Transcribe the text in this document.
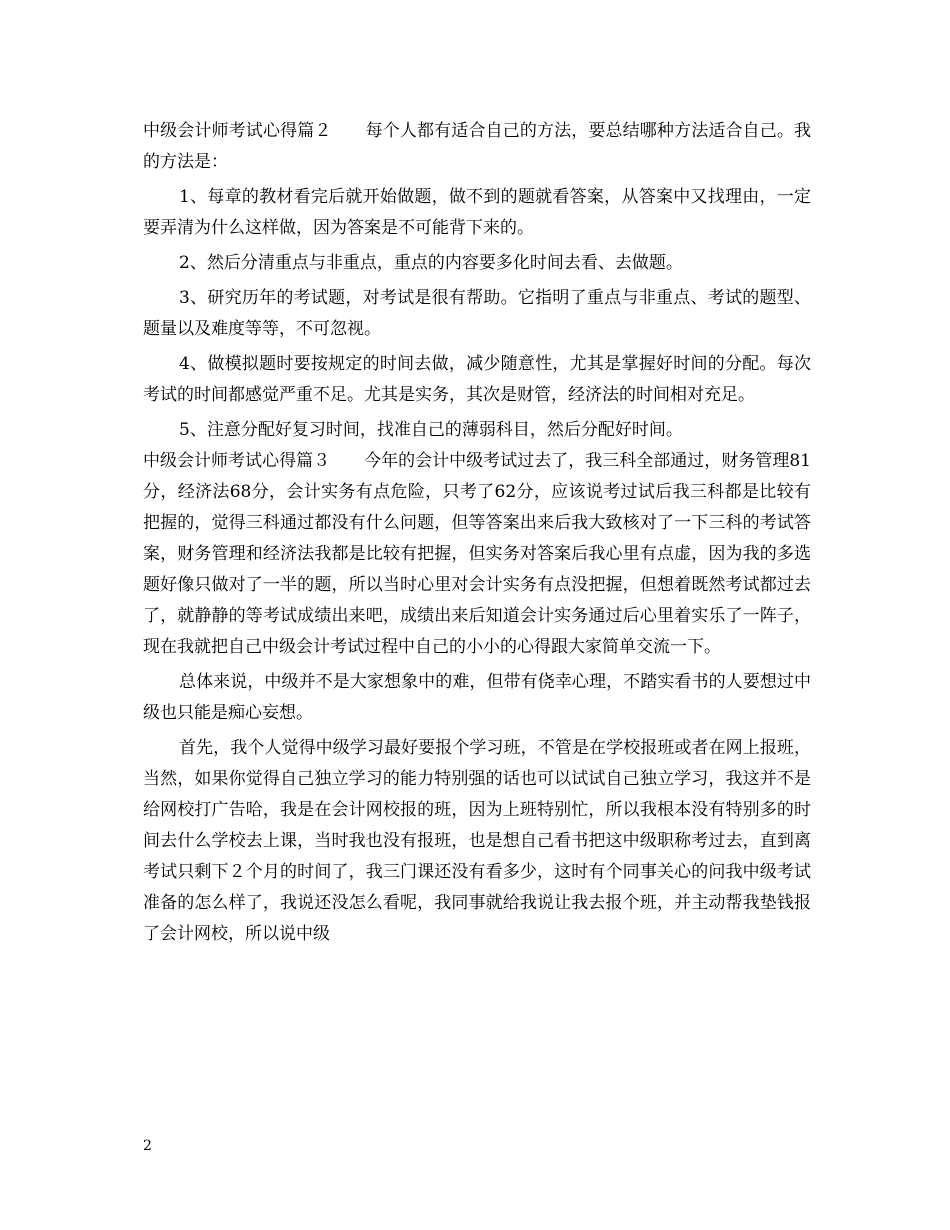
中级会计师考试心得篇２ 每个人都有适合自己的方法，要总结哪种方法适合自己。我的方法是：

1、每章的教材看完后就开始做题，做不到的题就看答案，从答案中又找理由，一定要弄清为什么这样做，因为答案是不可能背下来的。

2、然后分清重点与非重点，重点的内容要多化时间去看、去做题。

3、研究历年的考试题，对考试是很有帮助。它指明了重点与非重点、考试的题型、题量以及难度等等，不可忽视。

4、做模拟题时要按规定的时间去做，减少随意性，尤其是掌握好时间的分配。每次考试的时间都感觉严重不足。尤其是实务，其次是财管，经济法的时间相对充足。

5、注意分配好复习时间，找准自己的薄弱科目，然后分配好时间。

中级会计师考试心得篇３ 今年的会计中级考试过去了，我三科全部通过，财务管理81分，经济法68分，会计实务有点危险，只考了62分，应该说考过试后我三科都是比较有把握的，觉得三科通过都没有什么问题，但等答案出来后我大致核对了一下三科的考试答案，财务管理和经济法我都是比较有把握，但实务对答案后我心里有点虚，因为我的多选题好像只做对了一半的题，所以当时心里对会计实务有点没把握，但想着既然考试都过去了，就静静的等考试成绩出来吧，成绩出来后知道会计实务通过后心里着实乐了一阵子，现在我就把自己中级会计考试过程中自己的小小的心得跟大家简单交流一下。

总体来说，中级并不是大家想象中的难，但带有侥幸心理，不踏实看书的人要想过中级也只能是痴心妄想。

首先，我个人觉得中级学习最好要报个学习班，不管是在学校报班或者在网上报班，当然，如果你觉得自己独立学习的能力特别强的话也可以试试自己独立学习，我这并不是给网校打广告哈，我是在会计网校报的班，因为上班特别忙，所以我根本没有特别多的时间去什么学校去上课，当时我也没有报班，也是想自己看书把这中级职称考过去，直到离考试只剩下２个月的时间了，我三门课还没有看多少，这时有个同事关心的问我中级考试准备的怎么样了，我说还没怎么看呢，我同事就给我说让我去报个班，并主动帮我垫钱报了会计网校，所以说中级

2
